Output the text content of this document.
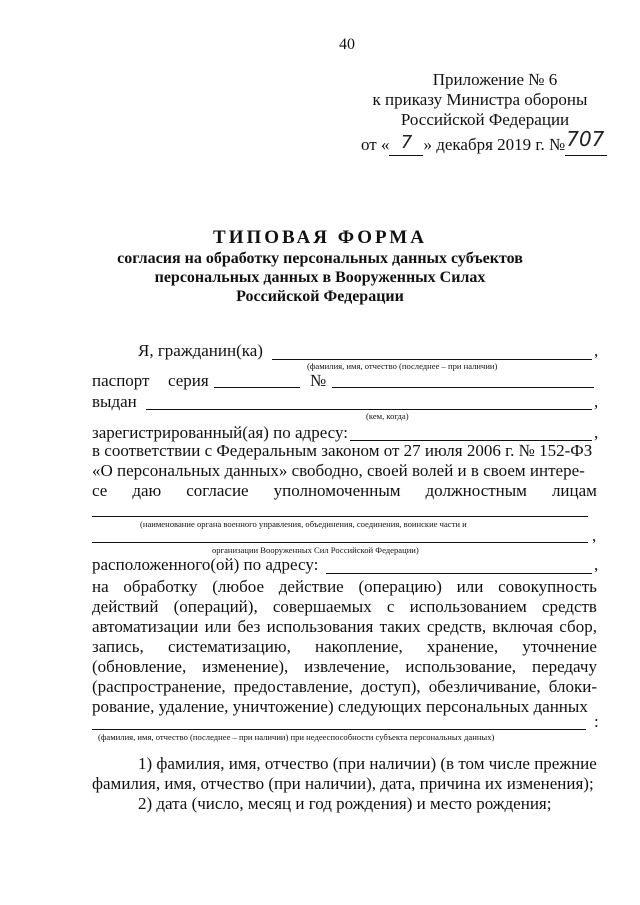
40
Приложение № 6
к приказу Министра обороны
Российской Федерации
от « 7 » декабря 2019 г. №707
ТИПОВАЯ ФОРМА
согласия на обработку персональных данных субъектов
персональных данных в Вооруженных Силах
Российской Федерации
Я, гражданин(ка)	,
(фамилия, имя, отчество (последнее – при наличии)
паспорт серия	№
выдан	,
(кем, когда)
зарегистрированный(ая) по адресу:	,
в соответствии с Федеральным законом от 27 июля 2006 г. № 152-ФЗ
«О персональных данных» свободно, своей волей и в своем интере-
се даю согласие уполномоченным должностным лицам
(наименование органа военного управления, объединения, соединения, воинские части и
,
организации Вооруженных Сил Российской Федерации)
расположенного(ой) по адресу:	,
на обработку (любое действие (операцию) или совокупность
действий (операций), совершаемых с использованием средств
автоматизации или без использования таких средств, включая сбор,
запись, систематизацию, накопление, хранение, уточнение
(обновление, изменение), извлечение, использование, передачу
(распространение, предоставление, доступ), обезличивание, блоки-
рование, удаление, уничтожение) следующих персональных данных
:
(фамилия, имя, отчество (последнее – при наличии) при недееспособности субъекта персональных данных)
1) фамилия, имя, отчество (при наличии) (в том числе прежние
фамилия, имя, отчество (при наличии), дата, причина их изменения);
2) дата (число, месяц и год рождения) и место рождения;
